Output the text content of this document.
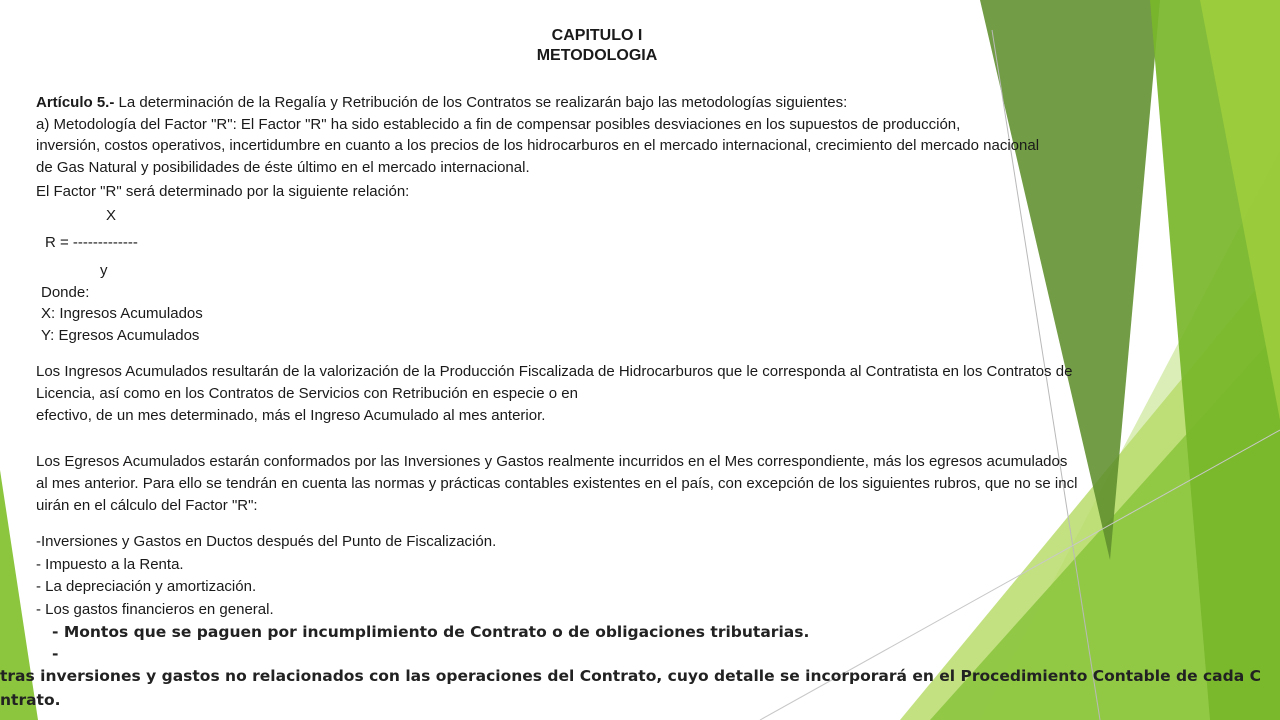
CAPITULO I
METODOLOGIA
Artículo 5.- La determinación de la Regalía y Retribución de los Contratos se realizarán bajo las metodologías siguientes:
a) Metodología del Factor "R": El Factor "R" ha sido establecido a fin de compensar posibles desviaciones en los supuestos de producción,
inversión, costos operativos, incertidumbre en cuanto a los precios de los hidrocarburos en el mercado internacional, crecimiento del mercado nacional
de Gas Natural y posibilidades de éste último en el mercado internacional.
El Factor "R" será determinado por la siguiente relación:
X
R = -------------
y
Donde:
X: Ingresos Acumulados
Y: Egresos Acumulados
Los Ingresos Acumulados resultarán de la valorización de la Producción Fiscalizada de Hidrocarburos que le corresponda al Contratista en los Contratos de
Licencia, así como en los Contratos de Servicios con Retribución en especie o en
efectivo, de un mes determinado, más el Ingreso Acumulado al mes anterior.
Los Egresos Acumulados estarán conformados por las Inversiones y Gastos realmente incurridos en el Mes correspondiente, más los egresos acumulados
al mes anterior. Para ello se tendrán en cuenta las normas y prácticas contables existentes en el país, con excepción de los siguientes rubros, que no se incl
uirán en el cálculo del Factor "R":
-Inversiones y Gastos en Ductos después del Punto de Fiscalización.
- Impuesto a la Renta.
- La depreciación y amortización.
- Los gastos financieros en general.
- Montos que se paguen por incumplimiento de Contrato o de obligaciones tributarias.
-
tras inversiones y gastos no relacionados con las operaciones del Contrato, cuyo detalle se incorporará en el Procedimiento Contable de cada C
ntrato.
